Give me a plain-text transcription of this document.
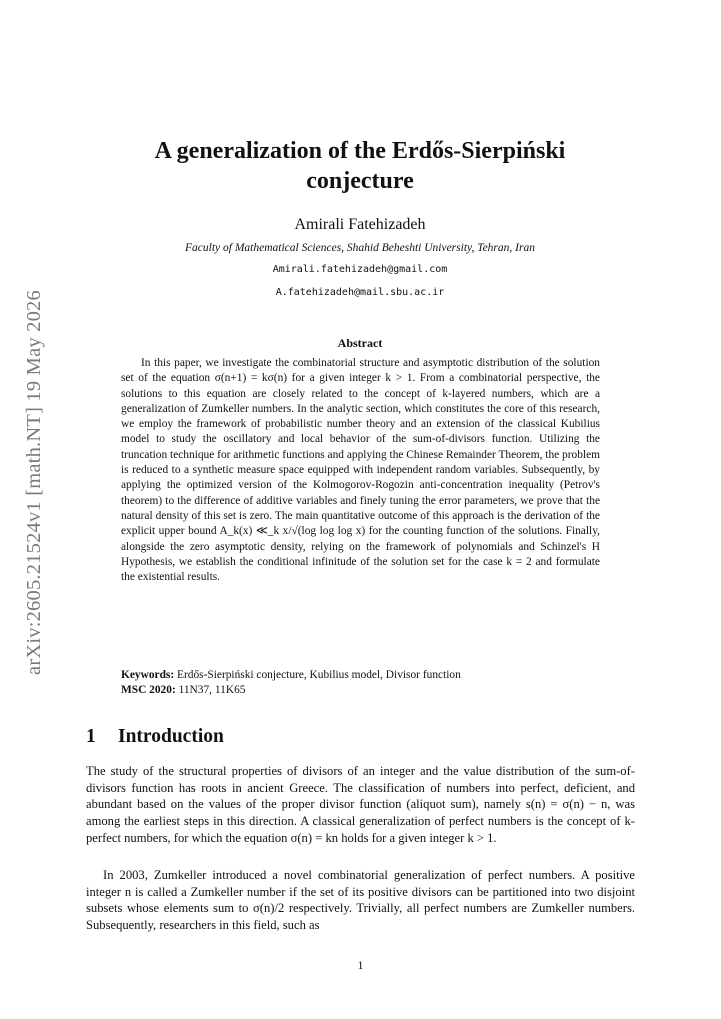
arXiv:2605.21524v1 [math.NT] 19 May 2026
A generalization of the Erdős-Sierpiński conjecture
Amirali Fatehizadeh
Faculty of Mathematical Sciences, Shahid Beheshti University, Tehran, Iran
Amirali.fatehizadeh@gmail.com
A.fatehizadeh@mail.sbu.ac.ir
Abstract

In this paper, we investigate the combinatorial structure and asymptotic distribution of the solution set of the equation σ(n+1) = kσ(n) for a given integer k > 1. From a combinatorial perspective, the solutions to this equation are closely related to the concept of k-layered numbers, which are a generalization of Zumkeller numbers. In the analytic section, which constitutes the core of this research, we employ the framework of probabilistic number theory and an extension of the classical Kubilius model to study the oscillatory and local behavior of the sum-of-divisors function. Utilizing the truncation technique for arithmetic functions and applying the Chinese Remainder Theorem, the problem is reduced to a synthetic measure space equipped with independent random variables. Subsequently, by applying the optimized version of the Kolmogorov-Rogozin anti-concentration inequality (Petrov's theorem) to the difference of additive variables and finely tuning the error parameters, we prove that the natural density of this set is zero. The main quantitative outcome of this approach is the derivation of the explicit upper bound A_k(x) ≪_k x/√(log log log x) for the counting function of the solutions. Finally, alongside the zero asymptotic density, relying on the framework of polynomials and Schinzel's H Hypothesis, we establish the conditional infinitude of the solution set for the case k = 2 and formulate the existential results.

Keywords: Erdős-Sierpiński conjecture, Kubilius model, Divisor function
MSC 2020: 11N37, 11K65
1 Introduction

The study of the structural properties of divisors of an integer and the value distribution of the sum-of-divisors function has roots in ancient Greece. The classification of numbers into perfect, deficient, and abundant based on the values of the proper divisor function (aliquot sum), namely s(n) = σ(n) − n, was among the earliest steps in this direction. A classical generalization of perfect numbers is the concept of k-perfect numbers, for which the equation σ(n) = kn holds for a given integer k > 1.

In 2003, Zumkeller introduced a novel combinatorial generalization of perfect numbers. A positive integer n is called a Zumkeller number if the set of its positive divisors can be partitioned into two disjoint subsets whose elements sum to σ(n)/2 respectively. Trivially, all perfect numbers are Zumkeller numbers. Subsequently, researchers in this field, such as

1
